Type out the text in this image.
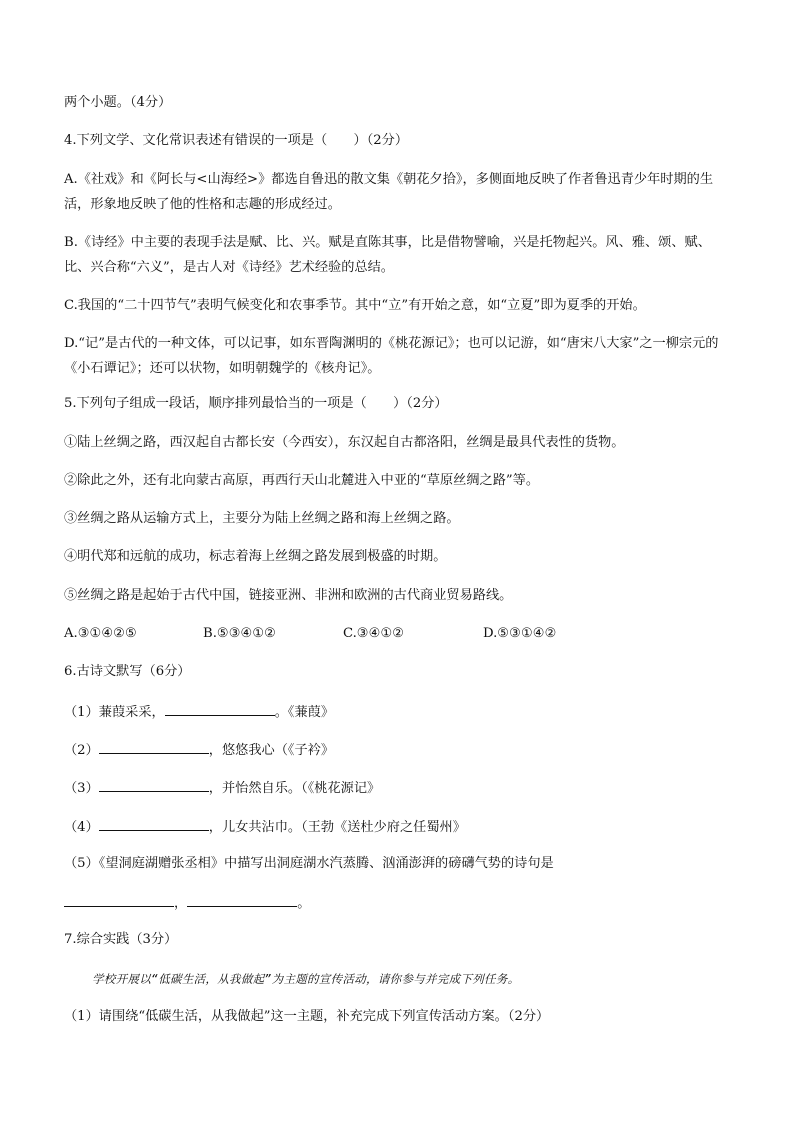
两个小题。（4分）
4.下列文学、文化常识表述有错误的一项是（　　）（2分）
A.《社戏》和《阿长与<山海经>》都选自鲁迅的散文集《朝花夕拾》，多侧面地反映了作者鲁迅青少年时期的生活，形象地反映了他的性格和志趣的形成经过。
B.《诗经》中主要的表现手法是赋、比、兴。赋是直陈其事，比是借物譬喻，兴是托物起兴。风、雅、颂、赋、比、兴合称“六义”，是古人对《诗经》艺术经验的总结。
C.我国的“二十四节气”表明气候变化和农事季节。其中“立”有开始之意，如“立夏”即为夏季的开始。
D.“记”是古代的一种文体，可以记事，如东晋陶渊明的《桃花源记》；也可以记游，如“唐宋八大家”之一柳宗元的《小石谭记》；还可以状物，如明朝魏学的《核舟记》。
5.下列句子组成一段话，顺序排列最恰当的一项是（　　）（2分）
①陆上丝绸之路，西汉起自古都长安（今西安），东汉起自古都洛阳，丝绸是最具代表性的货物。
②除此之外，还有北向蒙古高原，再西行天山北麓进入中亚的“草原丝绸之路”等。
③丝绸之路从运输方式上，主要分为陆上丝绸之路和海上丝绸之路。
④明代郑和远航的成功，标志着海上丝绸之路发展到极盛的时期。
⑤丝绸之路是起始于古代中国，链接亚洲、非洲和欧洲的古代商业贸易路线。
A.③①④②⑤	B.⑤③④①②	C.③④①②	D.⑤③①④②
6.古诗文默写（6分）
（1）蒹葭采采，	。《蒹葭》
（2）	，悠悠我心（《子衿》
（3）	，并怡然自乐。（《桃花源记》
（4）	，儿女共沾巾。（王勃《送杜少府之任蜀州》
（5）《望洞庭湖赠张丞相》中描写出洞庭湖水汽蒸腾、汹涌澎湃的磅礴气势的诗句是
，	。
7.综合实践（3分）
学校开展以“低碳生活，从我做起”为主题的宣传活动，请你参与并完成下列任务。
（1）请围绕“低碳生活，从我做起”这一主题，补充完成下列宣传活动方案。（2分）
